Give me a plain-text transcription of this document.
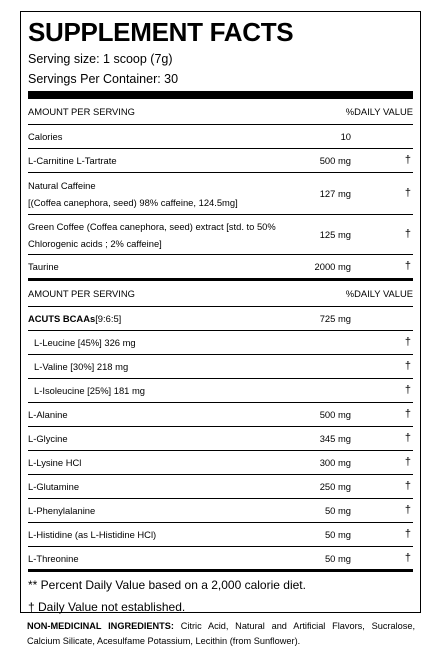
SUPPLEMENT FACTS
Serving size: 1 scoop (7g)
Servings Per Container: 30
AMOUNT PER SERVING	%DAILY VALUE
Calories	10
L-Carnitine L-Tartrate	500 mg	†
Natural Caffeine
[(Coffea canephora, seed) 98% caffeine, 124.5mg]
127 mg	†
Green Coffee (Coffea canephora, seed) extract [std. to 50%
Chlorogenic acids ; 2% caffeine]
125 mg	†
Taurine	2000 mg	†
AMOUNT PER SERVING	%DAILY VALUE
ACUTS BCAAs[9:6:5]	725 mg
L-Leucine [45%] 326 mg	†
L-Valine [30%] 218 mg	†
L-Isoleucine [25%] 181 mg	†
L-Alanine	500 mg	†
L-Glycine	345 mg	†
L-Lysine HCl	300 mg	†
L-Glutamine	250 mg	†
L-Phenylalanine	50 mg	†
L-Histidine (as L-Histidine HCl)	50 mg	†
L-Threonine	50 mg	†
** Percent Daily Value based on a 2,000 calorie diet.
† Daily Value not established.
NON-MEDICINAL INGREDIENTS: Citric Acid, Natural and Artificial Flavors, Sucralose, Calcium Silicate, Acesulfame Potassium, Lecithin (from Sunflower).
